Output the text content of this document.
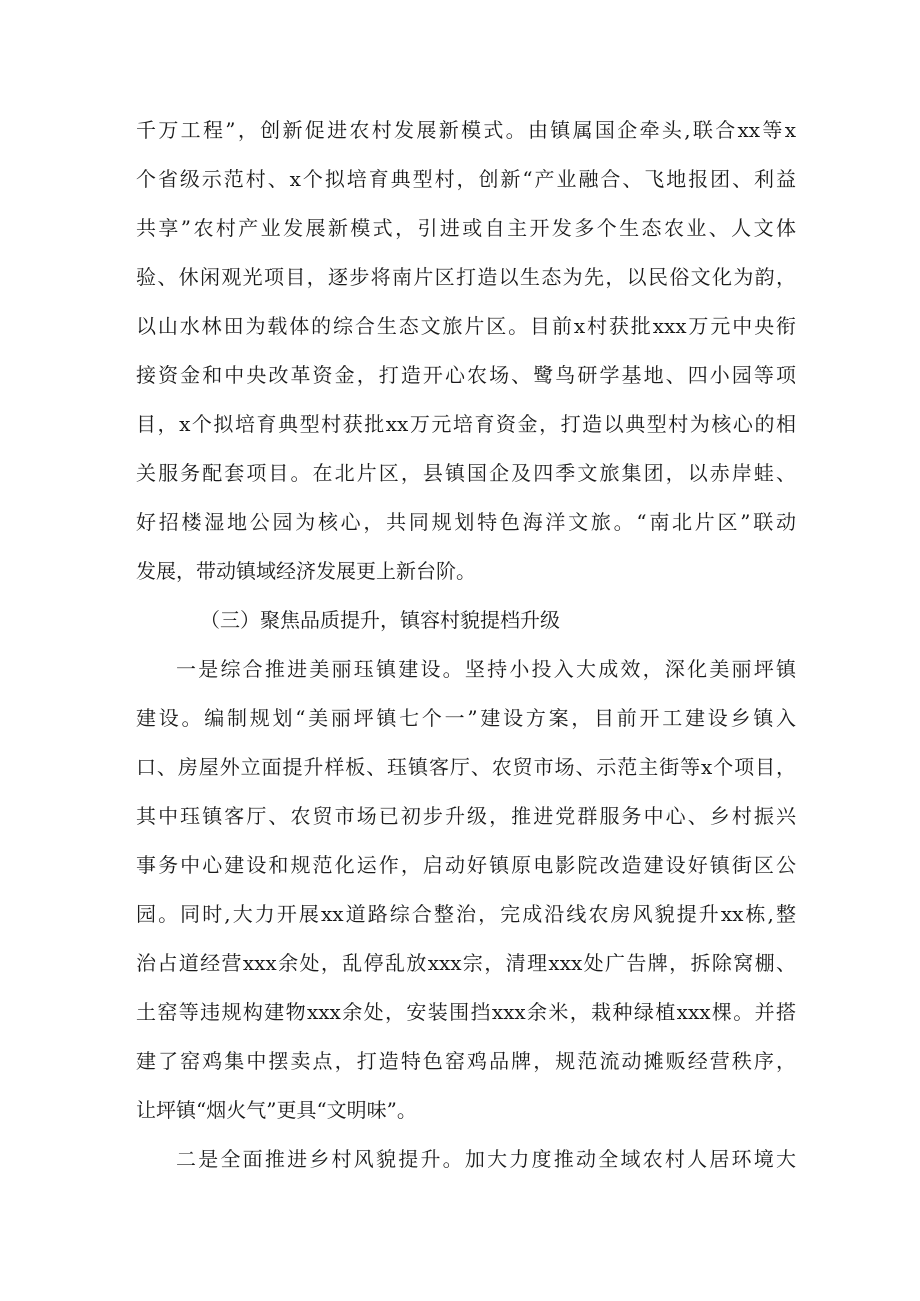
千万工程”，创新促进农村发展新模式。由镇属国企牵头,联合xx等x
个省级示范村、x个拟培育典型村，创新“产业融合、飞地报团、利益
共享”农村产业发展新模式，引进或自主开发多个生态农业、人文体
验、休闲观光项目，逐步将南片区打造以生态为先，以民俗文化为韵，
以山水林田为载体的综合生态文旅片区。目前x村获批xxx万元中央衔
接资金和中央改革资金，打造开心农场、鹭鸟研学基地、四小园等项
目，x个拟培育典型村获批xx万元培育资金，打造以典型村为核心的相
关服务配套项目。在北片区，县镇国企及四季文旅集团，以赤岸蛙、
好招楼湿地公园为核心，共同规划特色海洋文旅。“南北片区”联动
发展，带动镇域经济发展更上新台阶。
（三）聚焦品质提升，镇容村貌提档升级
一是综合推进美丽珏镇建设。坚持小投入大成效，深化美丽坪镇
建设。编制规划“美丽坪镇七个一”建设方案，目前开工建设乡镇入
口、房屋外立面提升样板、珏镇客厅、农贸市场、示范主街等x个项目，
其中珏镇客厅、农贸市场已初步升级，推进党群服务中心、乡村振兴
事务中心建设和规范化运作，启动好镇原电影院改造建设好镇街区公
园。同时,大力开展xx道路综合整治，完成沿线农房风貌提升xx栋,整
治占道经营xxx余处，乱停乱放xxx宗，清理xxx处广告牌，拆除窝棚、
土窑等违规构建物xxx余处，安装围挡xxx余米，栽种绿植xxx棵。并搭
建了窑鸡集中摆卖点，打造特色窑鸡品牌，规范流动摊贩经营秩序，
让坪镇“烟火气”更具“文明味”。
二是全面推进乡村风貌提升。加大力度推动全域农村人居环境大
